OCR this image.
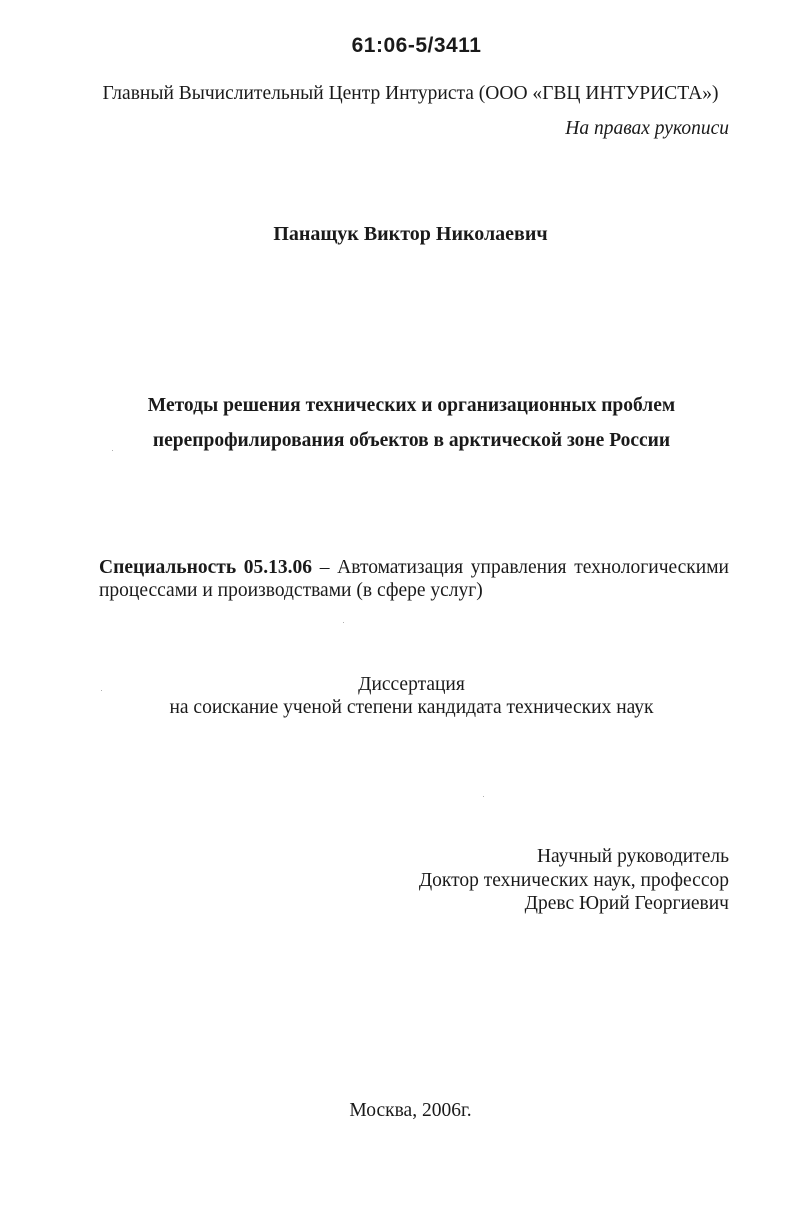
61:06-5/3411
Главный Вычислительный Центр Интуриста (ООО «ГВЦ ИНТУРИСТА»)
На правах рукописи
Панащук Виктор Николаевич
Методы решения технических и организационных проблем
перепрофилирования объектов в арктической зоне России
Специальность 05.13.06 – Автоматизация управления технологическими
процессами и производствами (в сфере услуг)
Диссертация
на соискание ученой степени кандидата технических наук
Научный руководитель
Доктор технических наук, профессор
Древс Юрий Георгиевич
Москва, 2006г.
